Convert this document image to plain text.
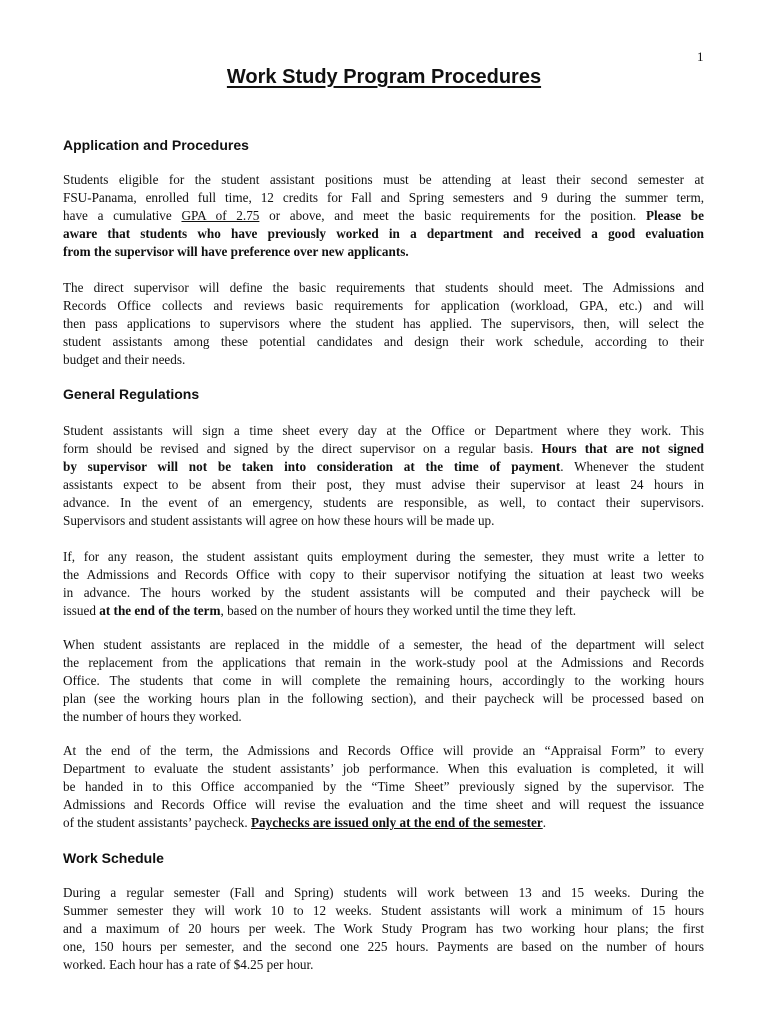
1
Work Study Program Procedures
Application and Procedures
Students eligible for the student assistant positions must be attending at least their second semester at
FSU-Panama, enrolled full time, 12 credits for Fall and Spring semesters and 9 during the summer term,
have a cumulative GPA of 2.75 or above, and meet the basic requirements for the position. Please be
aware that students who have previously worked in a department and received a good evaluation
from the supervisor will have preference over new applicants.
The direct supervisor will define the basic requirements that students should meet. The Admissions and
Records Office collects and reviews basic requirements for application (workload, GPA, etc.) and will
then pass applications to supervisors where the student has applied. The supervisors, then, will select the
student assistants among these potential candidates and design their work schedule, according to their
budget and their needs.
General Regulations
Student assistants will sign a time sheet every day at the Office or Department where they work. This
form should be revised and signed by the direct supervisor on a regular basis. Hours that are not signed
by supervisor will not be taken into consideration at the time of payment. Whenever the student
assistants expect to be absent from their post, they must advise their supervisor at least 24 hours in
advance. In the event of an emergency, students are responsible, as well, to contact their supervisors.
Supervisors and student assistants will agree on how these hours will be made up.
If, for any reason, the student assistant quits employment during the semester, they must write a letter to
the Admissions and Records Office with copy to their supervisor notifying the situation at least two weeks
in advance. The hours worked by the student assistants will be computed and their paycheck will be
issued at the end of the term, based on the number of hours they worked until the time they left.
When student assistants are replaced in the middle of a semester, the head of the department will select
the replacement from the applications that remain in the work-study pool at the Admissions and Records
Office. The students that come in will complete the remaining hours, accordingly to the working hours
plan (see the working hours plan in the following section), and their paycheck will be processed based on
the number of hours they worked.
At the end of the term, the Admissions and Records Office will provide an “Appraisal Form” to every
Department to evaluate the student assistants’ job performance. When this evaluation is completed, it will
be handed in to this Office accompanied by the “Time Sheet” previously signed by the supervisor. The
Admissions and Records Office will revise the evaluation and the time sheet and will request the issuance
of the student assistants’ paycheck. Paychecks are issued only at the end of the semester.
Work Schedule
During a regular semester (Fall and Spring) students will work between 13 and 15 weeks. During the
Summer semester they will work 10 to 12 weeks. Student assistants will work a minimum of 15 hours
and a maximum of 20 hours per week. The Work Study Program has two working hour plans; the first
one, 150 hours per semester, and the second one 225 hours. Payments are based on the number of hours
worked. Each hour has a rate of $4.25 per hour.
